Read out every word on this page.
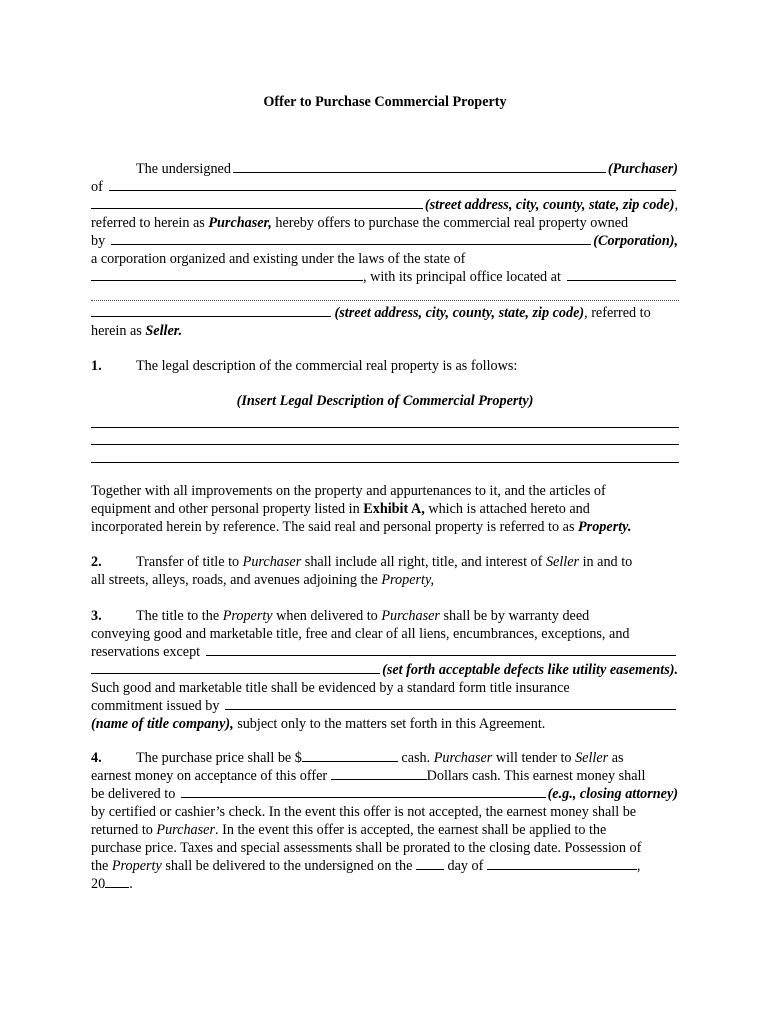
Offer to Purchase Commercial Property
The undersigned	(Purchaser)
of
(street address, city, county, state, zip code) ,
referred to herein as
Purchaser,
hereby offers to purchase the commercial real property owned
by	(Corporation),
a corporation organized and existing under the laws of the state of
, with its principal office located at

(street address, city, county, state, zip code) , referred to
herein as
Seller.
1.	The legal description of the commercial real property is as follows:
(Insert Legal Description of Commercial Property)
Together with all improvements on the property and appurtenances to it, and the articles of
equipment and other personal property listed in
Exhibit A,
which is attached hereto and
incorporated herein by reference. The said real and personal property is referred to as
Property.
2.	Transfer of title to
Purchaser
shall include all right, title, and interest of
Seller
in and to
all streets, alleys, roads, and avenues adjoining the
Property,
3.	The title to the
Property
when delivered to
Purchaser
shall be by warranty deed
conveying good and marketable title, free and clear of all liens, encumbrances, exceptions, and
reservations except
(set forth acceptable defects like utility easements).
Such good and marketable title shall be evidenced by a standard form title insurance
commitment issued by
(name of title company),
subject only to the matters set forth in this Agreement.
4.	The purchase price shall be $
	cash.
Purchaser
will tender to
Seller
as
earnest money on acceptance of this offer
	Dollars cash. This earnest money shall
be delivered to	(e.g., closing attorney)
by certified or cashier’s check. In the event this offer is not accepted, the earnest money shall be
returned to
Purchaser . In the event this offer is accepted, the earnest shall be applied to the
purchase price. Taxes and special assessments shall be prorated to the closing date. Possession of
the
Property
shall be delivered to the undersigned on the

day of
	,
20 .
